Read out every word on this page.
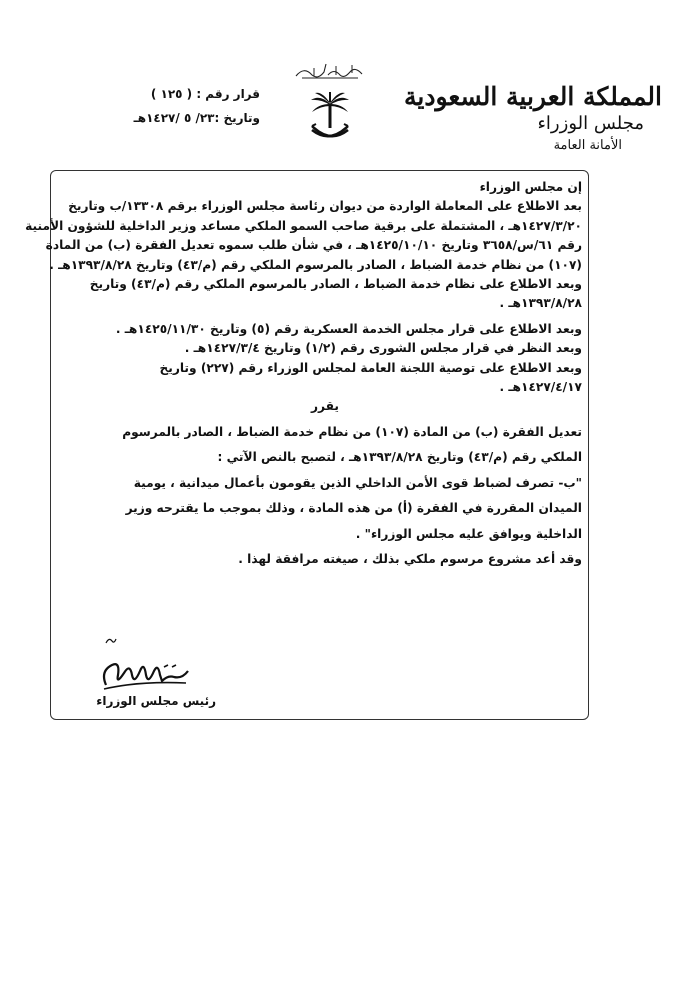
المملكة العربية السعودية
مجلس الوزراء
الأمانة العامة
قرار رقم : ( ١٢٥ )
وتاريخ :٢٣/ ٥ /١٤٢٧هـ
إن مجلس الوزراء
بعد الاطلاع على المعاملة الواردة من ديوان رئاسة مجلس الوزراء برقم ١٣٣٠٨/ب وتاريخ
١٤٢٧/٣/٢٠هـ ، المشتملة على برقية صاحب السمو الملكي مساعد وزير الداخلية للشؤون الأمنية
رقم ٦١/س/٣٦٥٨ وتاريخ ١٤٢٥/١٠/١٠هـ ، في شأن طلب سموه تعديل الفقرة (ب) من المادة
(١٠٧) من نظام خدمة الضباط ، الصادر بالمرسوم الملكي رقم (م/٤٣) وتاريخ ١٣٩٣/٨/٢٨هـ .
وبعد الاطلاع على نظام خدمة الضباط ، الصادر بالمرسوم الملكي رقم (م/٤٣) وتاريخ
١٣٩٣/٨/٢٨هـ .
وبعد الاطلاع على قرار مجلس الخدمة العسكرية رقم (٥) وتاريخ ١٤٢٥/١١/٣٠هـ .
وبعد النظر في قرار مجلس الشورى رقم (١/٢) وتاريخ ١٤٢٧/٣/٤هـ .
وبعد الاطلاع على توصية اللجنة العامة لمجلس الوزراء رقم (٢٢٧) وتاريخ
١٤٢٧/٤/١٧هـ .
يقرر
تعديل الفقرة (ب) من المادة (١٠٧) من نظام خدمة الضباط ، الصادر بالمرسوم
الملكي رقم (م/٤٣) وتاريخ ١٣٩٣/٨/٢٨هـ ، لتصبح بالنص الآتي :
"ب- تصرف لضباط قوى الأمن الداخلي الذين يقومون بأعمال ميدانية ، يومية
الميدان المقررة في الفقرة (أ) من هذه المادة ، وذلك بموجب ما يقترحه وزير
الداخلية ويوافق عليه مجلس الوزراء" .
وقد أعد مشروع مرسوم ملكي بذلك ، صيغته مرافقة لهذا .
رئيس مجلس الوزراء
